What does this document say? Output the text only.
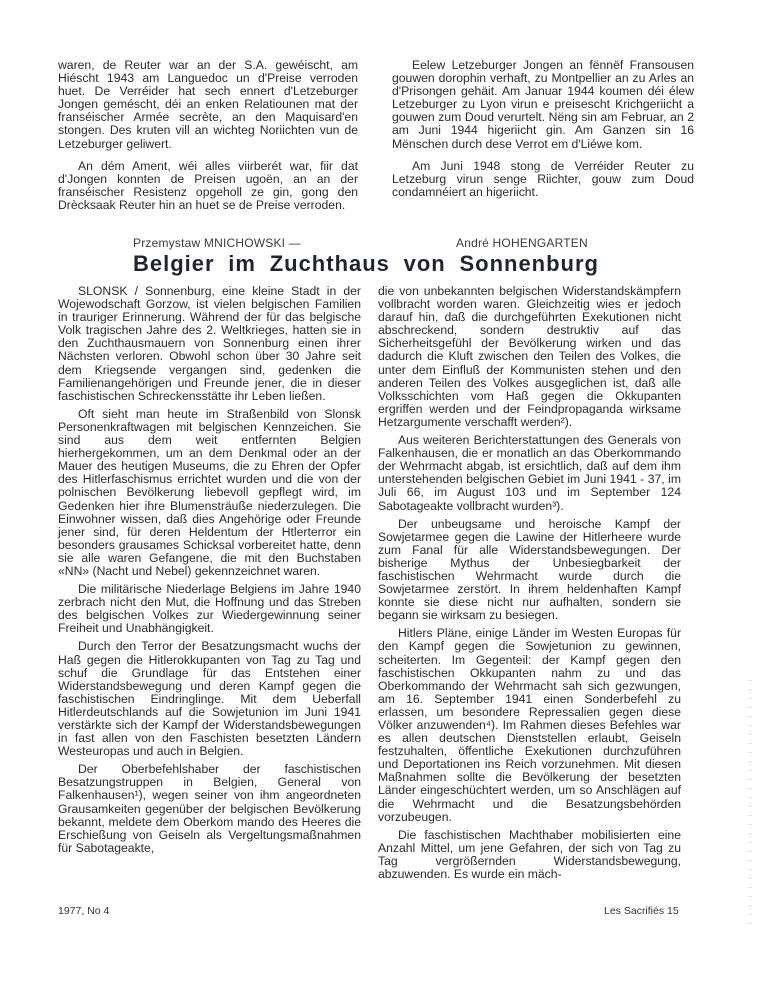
waren, de Reuter war an der S.A. gewéischt, am Hiéscht 1943 am Languedoc un d'Preise verroden huet. De Verréider hat sech ennert d'Letzeburger Jongen geméscht, déi an enken Relatiounen mat der franséischer Armée secrète, an den Maquisard'en stongen. Des kruten vill an wichteg Noriichten vun de Letzeburger geliwert.

An dém Ament, wéi alles viirberét war, fiir dat d'Jongen konnten de Preisen ugoën, an an der franséischer Resistenz opgeholl ze gin, gong den Drècksaak Reuter hin an huet se de Preise verroden.

Eelew Letzeburger Jongen an fënnëf Fransousen gouwen dorophin verhaft, zu Montpellier an zu Arles an d'Prisongen gehäit. Am Januar 1944 koumen déi élew Letzeburger zu Lyon virun e preisescht Krichgeriicht a gouwen zum Doud verurtelt. Nëng sin am Februar, an 2 am Juni 1944 higeriicht gin. Am Ganzen sin 16 Mënschen durch dese Verrot em d'Liéwe kom.

Am Juni 1948 stong de Verréider Reuter zu Letzeburg virun senge Riichter, gouw zum Doud condamnéiert an higeriicht.

Przemystaw MNICHOWSKI —	André HOHENGARTEN
Belgier im Zuchthaus von Sonnenburg

SLONSK / Sonnenburg, eine kleine Stadt in der Wojewodschaft Gorzow, ist vielen belgischen Familien in trauriger Erinnerung. Während der für das belgische Volk tragischen Jahre des 2. Weltkrieges, hatten sie in den Zuchthausmauern von Sonnenburg einen ihrer Nächsten verloren. Obwohl schon über 30 Jahre seit dem Kriegsende vergangen sind, gedenken die Familienangehörigen und Freunde jener, die in dieser faschistischen Schreckensstätte ihr Leben ließen.

Oft sieht man heute im Straßenbild von Slonsk Personenkraftwagen mit belgischen Kennzeichen. Sie sind aus dem weit entfernten Belgien hierhergekommen, um an dem Denkmal oder an der Mauer des heutigen Museums, die zu Ehren der Opfer des Hitlerfaschismus errichtet wurden und die von der polnischen Bevölkerung liebevoll gepflegt wird, im Gedenken hier ihre Blumensträuße niederzulegen. Die Einwohner wissen, daß dies Angehörige oder Freunde jener sind, für deren Heldentum der Htlerterror ein besonders grausames Schicksal vorbereitet hatte, denn sie alle waren Gefangene, die mit den Buchstaben «NN» (Nacht und Nebel) gekennzeichnet waren.

Die militärische Niederlage Belgiens im Jahre 1940 zerbrach nicht den Mut, die Hoffnung und das Streben des belgischen Volkes zur Wiedergewinnung seiner Freiheit und Unabhängigkeit.

Durch den Terror der Besatzungsmacht wuchs der Haß gegen die Hitlerokkupanten von Tag zu Tag und schuf die Grundlage für das Entstehen einer Widerstandsbewegung und deren Kampf gegen die faschistischen Eindringlinge. Mit dem Ueberfall Hitlerdeutschlands auf die Sowjetunion im Juni 1941 verstärkte sich der Kampf der Widerstandsbewegungen in fast allen von den Faschisten besetzten Ländern Westeuropas und auch in Belgien.

Der Oberbefehlshaber der faschistischen Besatzungstruppen in Belgien, General von Falkenhausen¹), wegen seiner von ihm angeordneten Grausamkeiten gegenüber der belgischen Bevölkerung bekannt, meldete dem Oberkom mando des Heeres die Erschießung von Geiseln als Vergeltungsmaßnahmen für Sabotageakte,

die von unbekannten belgischen Widerstandskämpfern vollbracht worden waren. Gleichzeitig wies er jedoch darauf hin, daß die durchgeführten Exekutionen nicht abschreckend, sondern destruktiv auf das Sicherheitsgefühl der Bevölkerung wirken und das dadurch die Kluft zwischen den Teilen des Volkes, die unter dem Einfluß der Kommunisten stehen und den anderen Teilen des Volkes ausgeglichen ist, daß alle Volksschichten vom Haß gegen die Okkupanten ergriffen werden und der Feindpropaganda wirksame Hetzargumente verschafft werden²).

Aus weiteren Berichterstattungen des Generals von Falkenhausen, die er monatlich an das Oberkommando der Wehrmacht abgab, ist ersichtlich, daß auf dem ihm unterstehenden belgischen Gebiet im Juni 1941 - 37, im Juli 66, im August 103 und im September 124 Sabotageakte vollbracht wurden³).

Der unbeugsame und heroische Kampf der Sowjetarmee gegen die Lawine der Hitlerheere wurde zum Fanal für alle Widerstandsbewegungen. Der bisherige Mythus der Unbesiegbarkeit der faschistischen Wehrmacht wurde durch die Sowjetarmee zerstört. In ihrem heldenhaften Kampf konnte sie diese nicht nur aufhalten, sondern sie begann sie wirksam zu besiegen.

Hitlers Pläne, einige Länder im Westen Europas für den Kampf gegen die Sowjetunion zu gewinnen, scheiterten. Im Gegenteil: der Kampf gegen den faschistischen Okkupanten nahm zu und das Oberkommando der Wehrmacht sah sich gezwungen, am 16. September 1941 einen Sonderbefehl zu erlassen, um besondere Repressalien gegen diese Völker anzuwenden⁴). Im Rahmen dieses Befehles war es allen deutschen Dienststellen erlaubt, Geiseln festzuhalten, öffentliche Exekutionen durchzuführen und Deportationen ins Reich vorzunehmen. Mit diesen Maßnahmen sollte die Bevölkerung der besetzten Länder eingeschüchtert werden, um so Anschlägen auf die Wehrmacht und die Besatzungsbehörden vorzubeugen.

Die faschistischen Machthaber mobilisierten eine Anzahl Mittel, um jene Gefahren, der sich von Tag zu Tag vergrößernden Widerstandsbewegung, abzuwenden. Es wurde ein mäch-

1977, No 4	Les Sacrifiés 15
